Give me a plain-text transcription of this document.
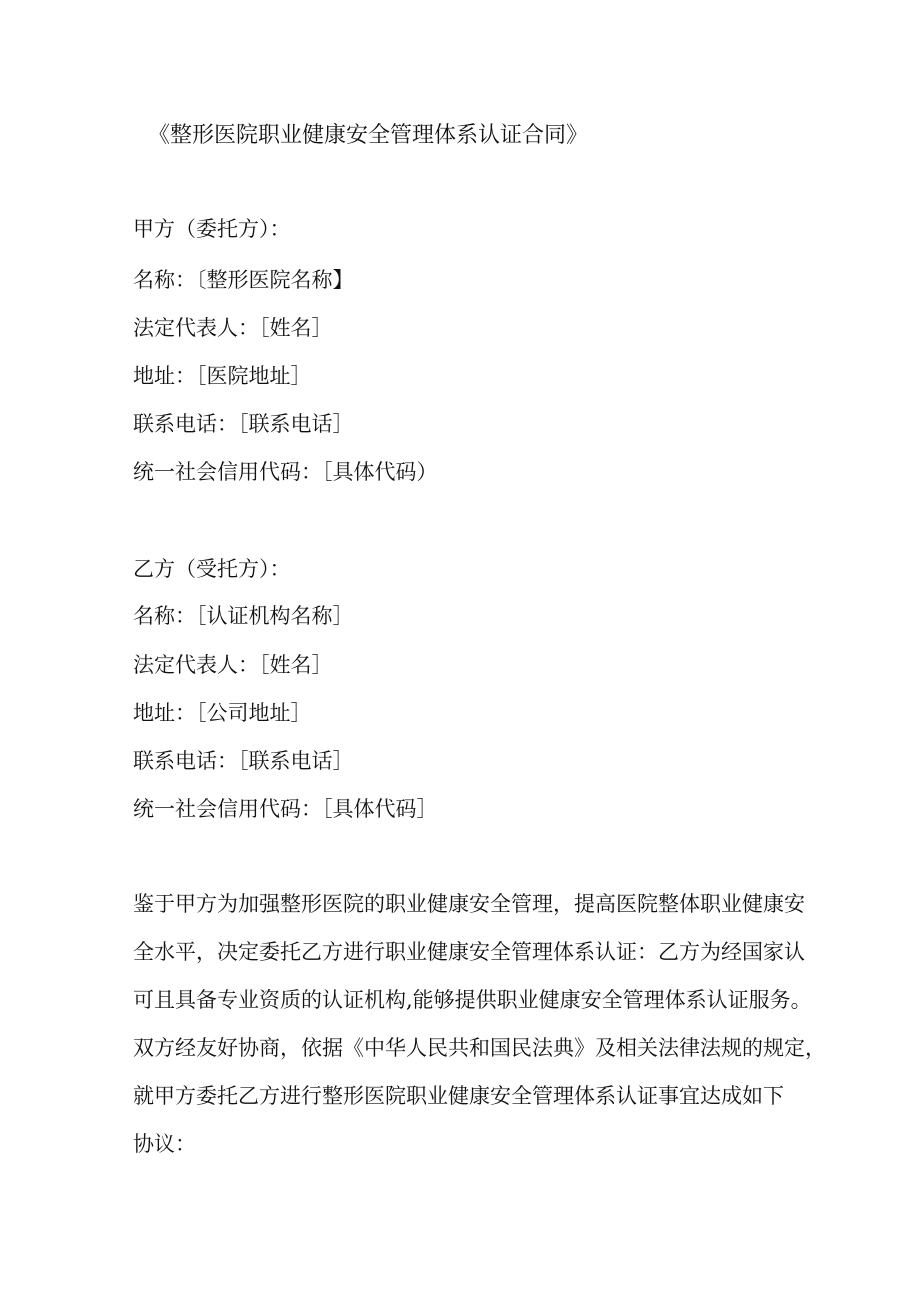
《整形医院职业健康安全管理体系认证合同》
甲方（委托方）：
名称：〔整形医院名称】
法定代表人：［姓名］
地址：［医院地址］
联系电话：［联系电话］
统一社会信用代码：［具体代码）
乙方（受托方）：
名称：［认证机构名称］
法定代表人：［姓名］
地址：［公司地址］
联系电话：［联系电话］
统一社会信用代码：［具体代码］
鉴于甲方为加强整形医院的职业健康安全管理，提高医院整体职业健康安
全水平，决定委托乙方进行职业健康安全管理体系认证：乙方为经国家认
可且具备专业资质的认证机构,能够提供职业健康安全管理体系认证服务。
双方经友好协商，依据《中华人民共和国民法典》及相关法律法规的规定，
就甲方委托乙方进行整形医院职业健康安全管理体系认证事宜达成如下
协议：
